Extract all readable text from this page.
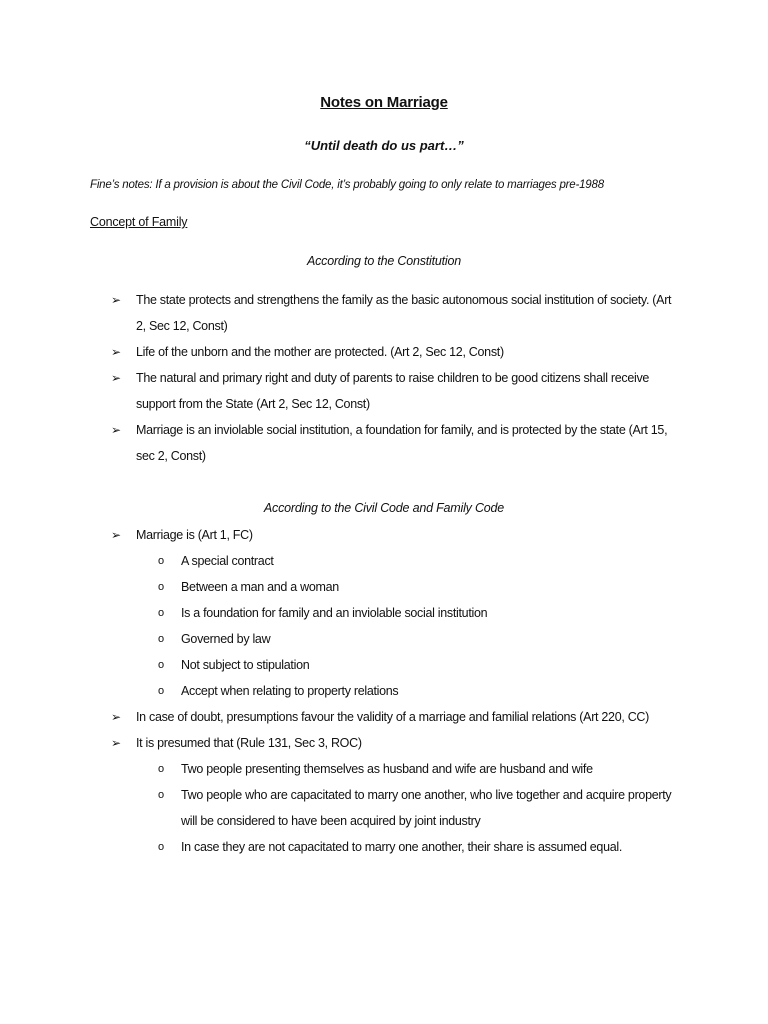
Notes on Marriage
“Until death do us part…”
Fine’s notes: If a provision is about the Civil Code, it’s probably going to only relate to marriages pre-1988
Concept of Family
According to the Constitution
➢ The state protects and strengthens the family as the basic autonomous social institution of society. (Art 2, Sec 12, Const)
➢ Life of the unborn and the mother are protected. (Art 2, Sec 12, Const)
➢ The natural and primary right and duty of parents to raise children to be good citizens shall receive support from the State (Art 2, Sec 12, Const)
➢ Marriage is an inviolable social institution, a foundation for family, and is protected by the state (Art 15, sec 2, Const)
According to the Civil Code and Family Code
➢ Marriage is (Art 1, FC)
o A special contract
o Between a man and a woman
o Is a foundation for family and an inviolable social institution
o Governed by law
o Not subject to stipulation
o Accept when relating to property relations
➢ In case of doubt, presumptions favour the validity of a marriage and familial relations (Art 220, CC)
➢ It is presumed that (Rule 131, Sec 3, ROC)
o Two people presenting themselves as husband and wife are husband and wife
o Two people who are capacitated to marry one another, who live together and acquire property will be considered to have been acquired by joint industry
o In case they are not capacitated to marry one another, their share is assumed equal.
